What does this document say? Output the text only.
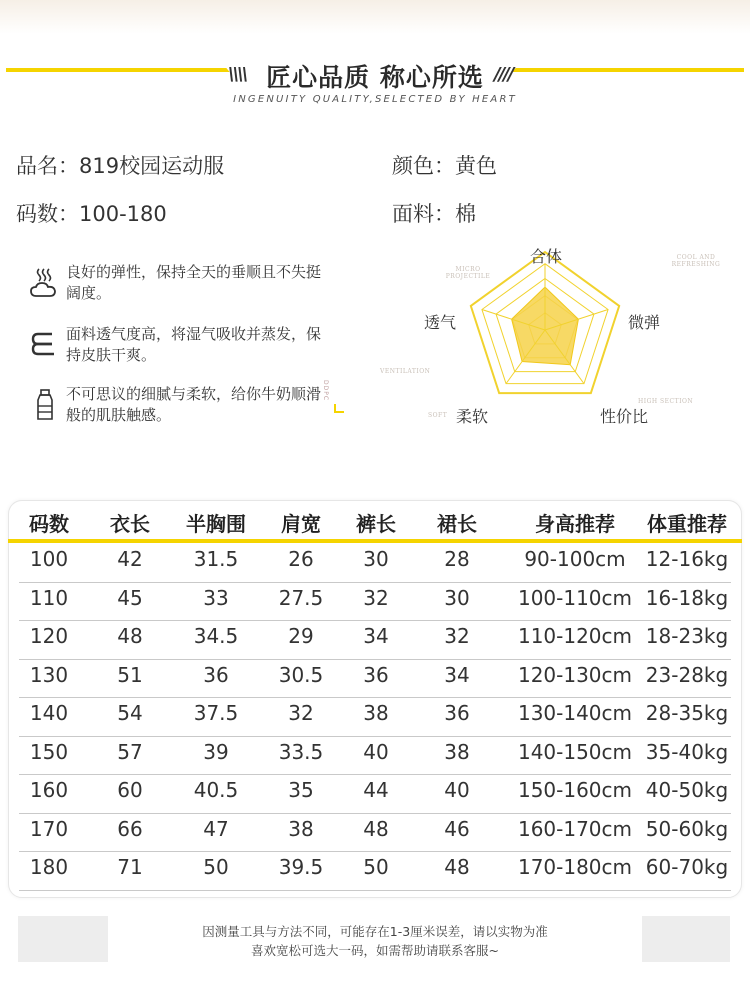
\\\\	////
匠心品质 称心所选
INGENUITY QUALITY,SELECTED BY HEART
品名：819校园运动服	颜色：黄色
码数：100-180	面料：棉
良好的弹性，保持全天的垂顺且不失挺阔度。
面料透气度高，将湿气吸收并蒸发，保持皮肤干爽。
不可思议的细腻与柔软，给你牛奶顺滑般的肌肤触感。
DDPC
合体
微弹
性价比
柔软
透气
COOL AND REFRESHING
MICRO PROJECTILE
VENTILATION
SOFT
HIGH SECTION
码数	衣长	半胸围	肩宽	裤长	裙长	身高推荐	体重推荐
100	42	31.5	26	30	28	90-100cm	12-16kg
110	45	33	27.5	32	30	100-110cm 16-18kg
120	48	34.5	29	34	32	110-120cm 18-23kg
130	51	36	30.5	36	34	120-130cm 23-28kg
140	54	37.5	32	38	36	130-140cm 28-35kg
150	57	39	33.5	40	38	140-150cm 35-40kg
160	60	40.5	35	44	40	150-160cm 40-50kg
170	66	47	38	48	46	160-170cm 50-60kg
180	71	50	39.5	50	48	170-180cm 60-70kg
因测量工具与方法不同，可能存在1-3厘米误差，请以实物为准
喜欢宽松可选大一码，如需帮助请联系客服~
